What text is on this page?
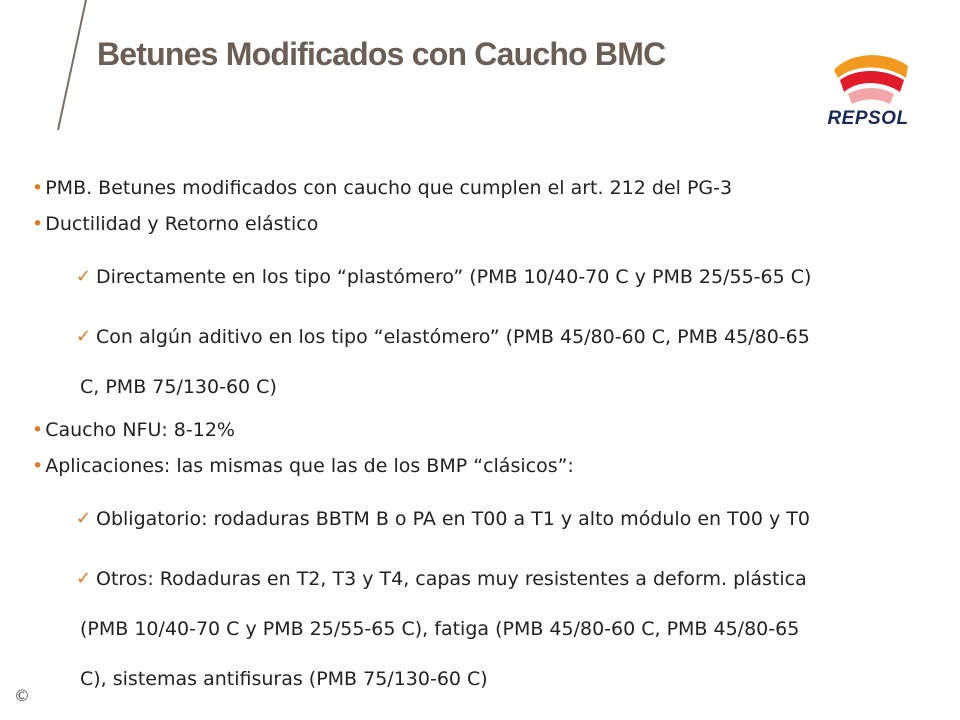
Betunes Modificados con Caucho BMC
REPSOL
• PMB. Betunes modificados con caucho que cumplen el art. 212 del PG-3
• Ductilidad y Retorno elástico
✓ Directamente en los tipo “plastómero” (PMB 10/40-70 C y PMB 25/55-65 C)
✓ Con algún aditivo en los tipo “elastómero” (PMB 45/80-60 C, PMB 45/80-65
C, PMB 75/130-60 C)
• Caucho NFU: 8-12%
• Aplicaciones: las mismas que las de los BMP “clásicos”:
✓ Obligatorio: rodaduras BBTM B o PA en T00 a T1 y alto módulo en T00 y T0
✓ Otros: Rodaduras en T2, T3 y T4, capas muy resistentes a deform. plástica
(PMB 10/40-70 C y PMB 25/55-65 C), fatiga (PMB 45/80-60 C, PMB 45/80-65
C), sistemas antifisuras (PMB 75/130-60 C)
©
